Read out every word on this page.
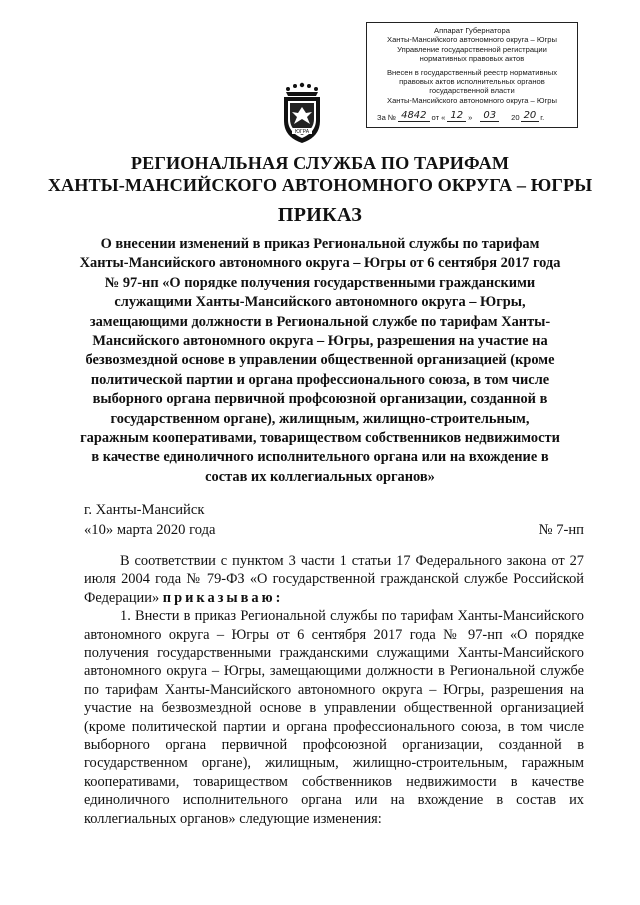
Аппарат Губернатора
Ханты-Мансийского автономного округа – Югры
Управление государственной регистрации
нормативных правовых актов
Внесен в государственный реестр нормативных
правовых актов исполнительных органов
государственной власти
Ханты-Мансийского автономного округа – Югры
За № 4842 от « 12 »	03	20 20 г.
ЮГРА
РЕГИОНАЛЬНАЯ СЛУЖБА ПО ТАРИФАМ
ХАНТЫ-МАНСИЙСКОГО АВТОНОМНОГО ОКРУГА – ЮГРЫ
ПРИКАЗ
О внесении изменений в приказ Региональной службы по тарифам Ханты-Мансийского автономного округа – Югры от 6 сентября 2017 года № 97-нп «О порядке получения государственными гражданскими служащими Ханты-Мансийского автономного округа – Югры, замещающими должности в Региональной службе по тарифам Ханты-Мансийского автономного округа – Югры, разрешения на участие на безвозмездной основе в управлении общественной организацией (кроме политической партии и органа профессионального союза, в том числе выборного органа первичной профсоюзной организации, созданной в государственном органе), жилищным, жилищно-строительным, гаражным кооперативами, товариществом собственников недвижимости в качестве единоличного исполнительного органа или на вхождение в состав их коллегиальных органов»
г. Ханты-Мансийск
«10» марта 2020 года	№ 7-нп

В соответствии с пунктом 3 части 1 статьи 17 Федерального закона от 27 июля 2004 года № 79-ФЗ «О государственной гражданской службе Российской Федерации» приказываю:

1. Внести в приказ Региональной службы по тарифам Ханты-Мансийского автономного округа – Югры от 6 сентября 2017 года № 97-нп «О порядке получения государственными гражданскими служащими Ханты-Мансийского автономного округа – Югры, замещающими должности в Региональной службе по тарифам Ханты-Мансийского автономного округа – Югры, разрешения на участие на безвозмездной основе в управлении общественной организацией (кроме политической партии и органа профессионального союза, в том числе выборного органа первичной профсоюзной организации, созданной в государственном органе), жилищным, жилищно-строительным, гаражным кооперативами, товариществом собственников недвижимости в качестве единоличного исполнительного органа или на вхождение в состав их коллегиальных органов» следующие изменения:
